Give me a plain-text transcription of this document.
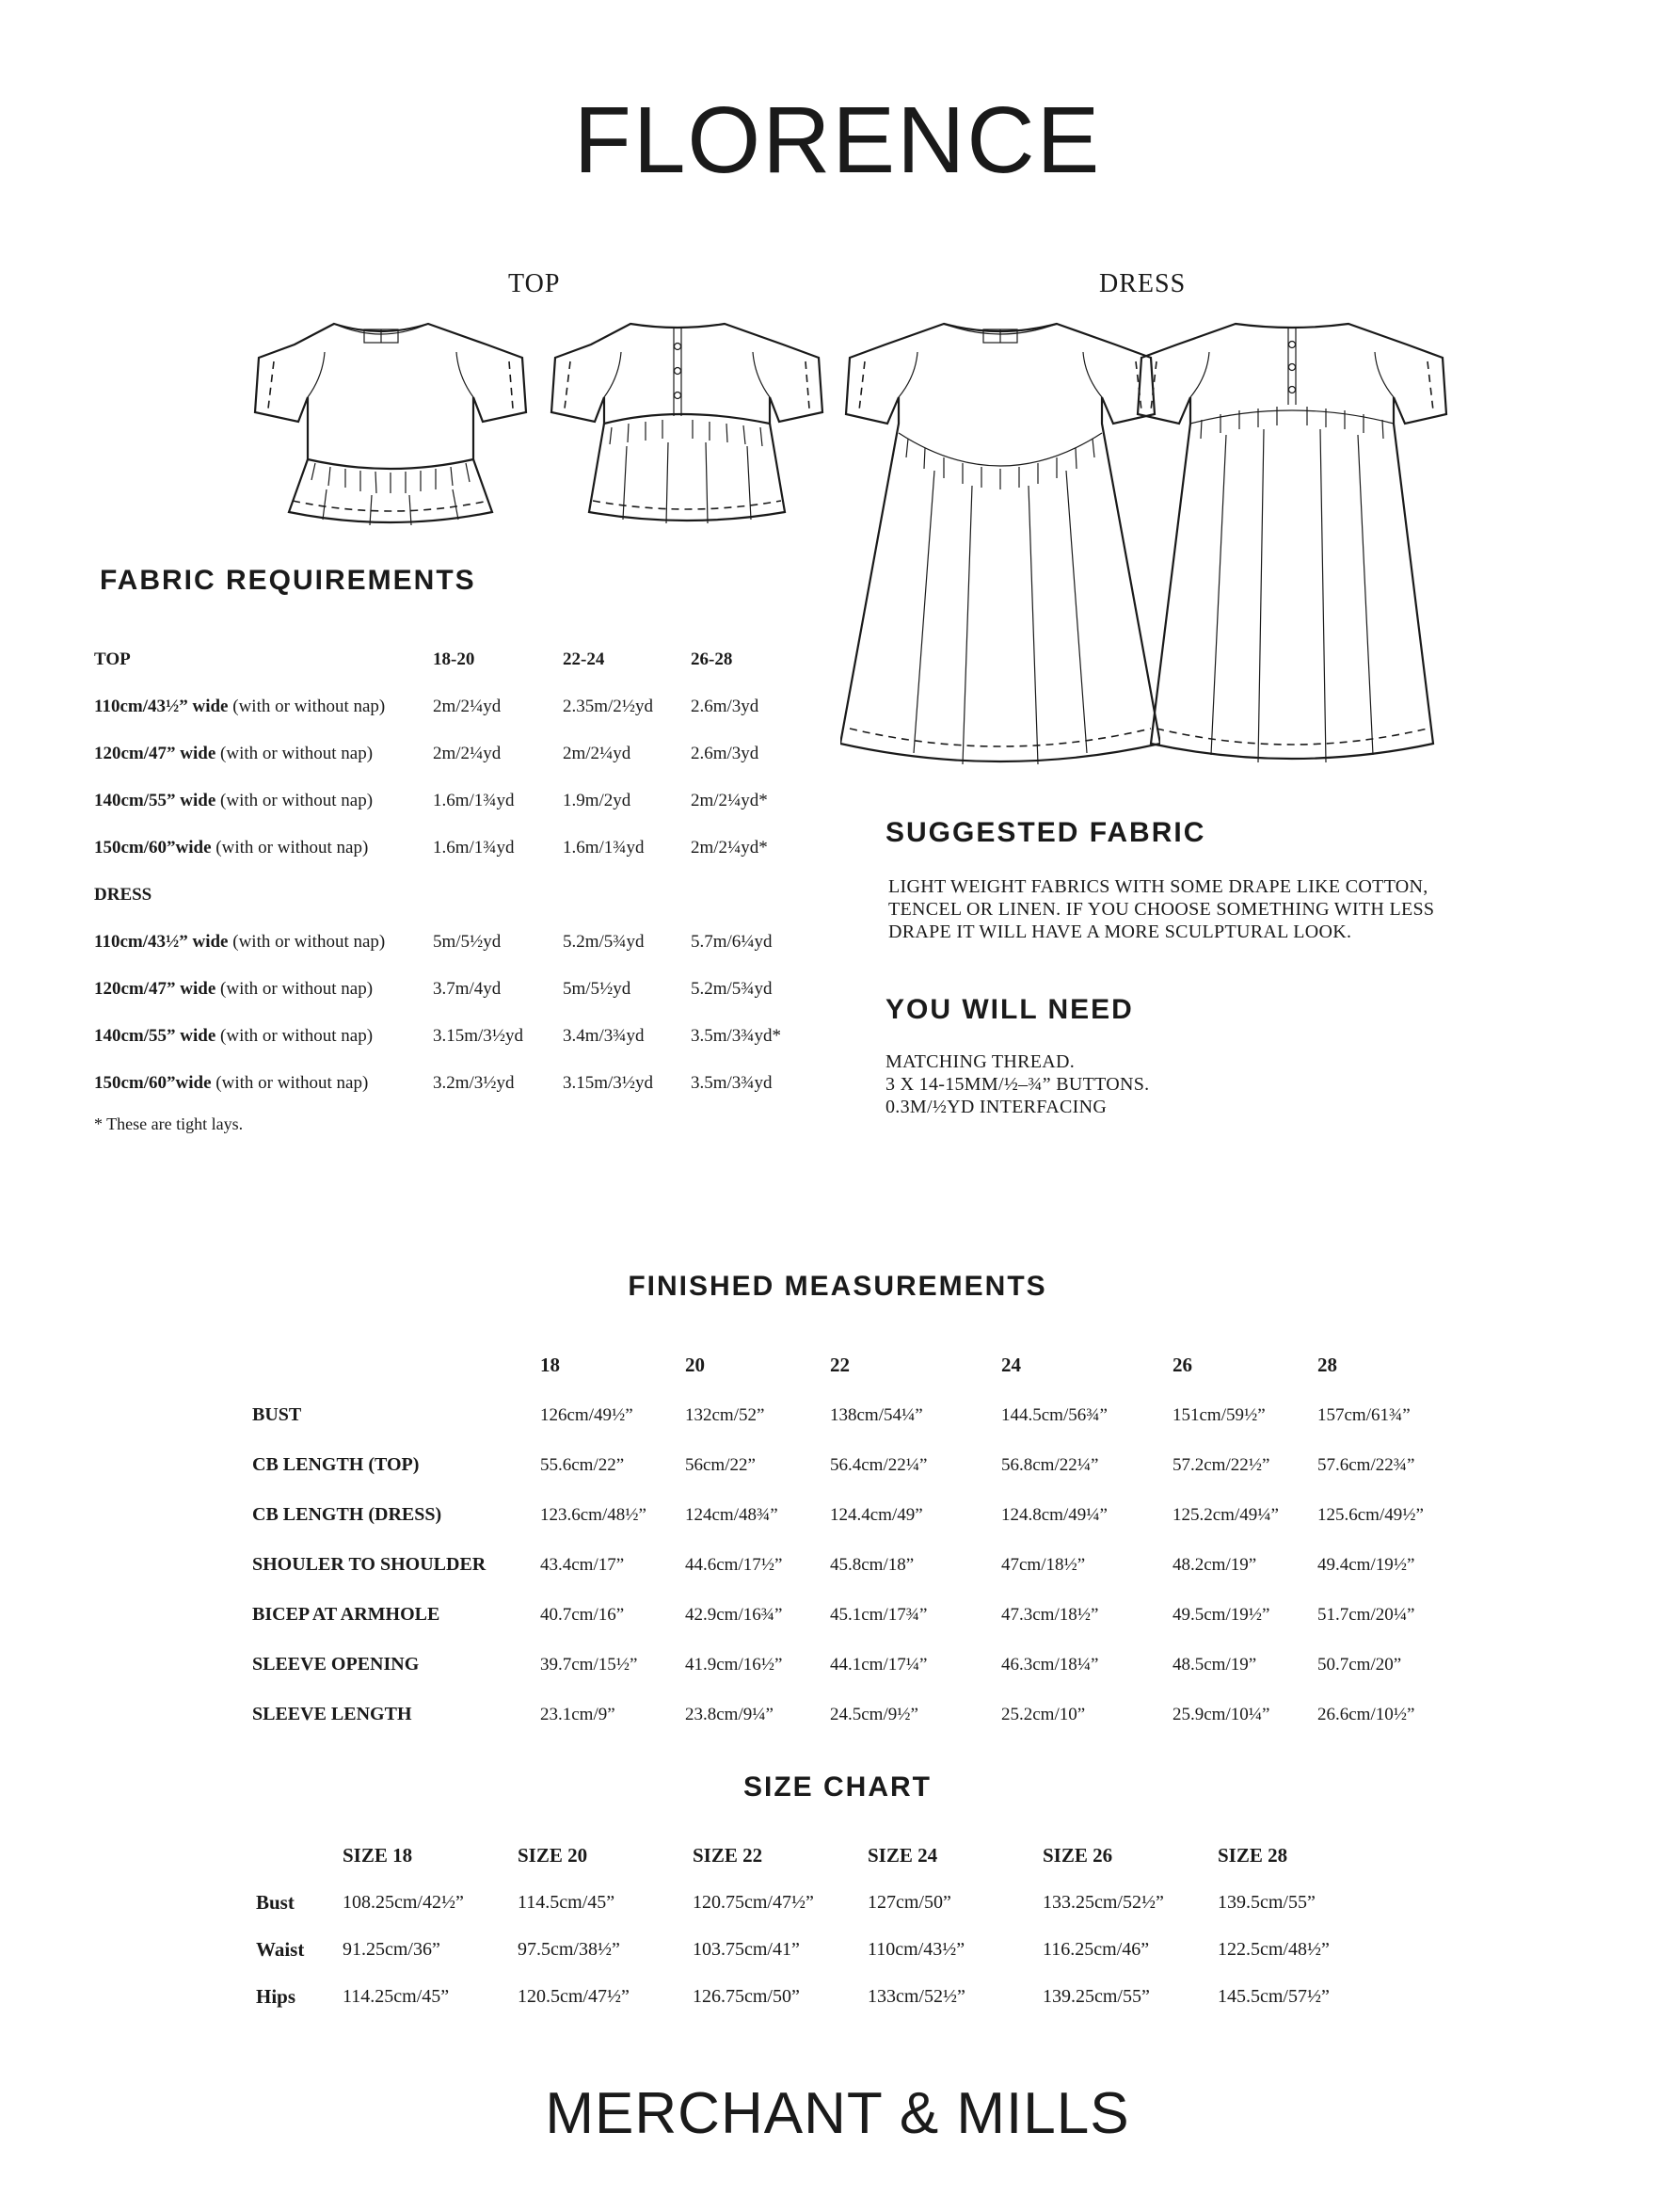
FLORENCE
TOP	DRESS
FABRIC REQUIREMENTS
TOP	18-20	22-24	26-28
110cm/43½” wide (with or without nap)	2m/2¼yd	2.35m/2½yd	2.6m/3yd
120cm/47” wide (with or without nap)	2m/2¼yd	2m/2¼yd	2.6m/3yd
140cm/55” wide (with or without nap)	1.6m/1¾yd	1.9m/2yd	2m/2¼yd*
150cm/60”wide (with or without nap)	1.6m/1¾yd	1.6m/1¾yd	2m/2¼yd*
DRESS			
110cm/43½” wide (with or without nap)	5m/5½yd	5.2m/5¾yd	5.7m/6¼yd
120cm/47” wide (with or without nap)	3.7m/4yd	5m/5½yd	5.2m/5¾yd
140cm/55” wide (with or without nap)	3.15m/3½yd	3.4m/3¾yd	3.5m/3¾yd*
150cm/60”wide (with or without nap)	3.2m/3½yd	3.15m/3½yd	3.5m/3¾yd
* These are tight lays.
SUGGESTED FABRIC
LIGHT WEIGHT FABRICS WITH SOME DRAPE LIKE COTTON,
TENCEL OR LINEN. IF YOU CHOOSE SOMETHING WITH LESS
DRAPE IT WILL HAVE A MORE SCULPTURAL LOOK.
YOU WILL NEED
MATCHING THREAD.
3 X 14-15MM/½–¾” BUTTONS.
0.3M/½YD INTERFACING
FINISHED MEASUREMENTS
	18	20	22	24	26	28
BUST	126cm/49½”	132cm/52”	138cm/54¼”	144.5cm/56¾”	151cm/59½”	157cm/61¾”
CB LENGTH (TOP)	55.6cm/22”	56cm/22”	56.4cm/22¼”	56.8cm/22¼”	57.2cm/22½”	57.6cm/22¾”
CB LENGTH (DRESS)	123.6cm/48½”	124cm/48¾”	124.4cm/49”	124.8cm/49¼”	125.2cm/49¼”	125.6cm/49½”
SHOULER TO SHOULDER	43.4cm/17”	44.6cm/17½”	45.8cm/18”	47cm/18½”	48.2cm/19”	49.4cm/19½”
BICEP AT ARMHOLE	40.7cm/16”	42.9cm/16¾”	45.1cm/17¾”	47.3cm/18½”	49.5cm/19½”	51.7cm/20¼”
SLEEVE OPENING	39.7cm/15½”	41.9cm/16½”	44.1cm/17¼”	46.3cm/18¼”	48.5cm/19”	50.7cm/20”
SLEEVE LENGTH	23.1cm/9”	23.8cm/9¼”	24.5cm/9½”	25.2cm/10”	25.9cm/10¼”	26.6cm/10½”
SIZE CHART
	SIZE 18	SIZE 20	SIZE 22	SIZE 24	SIZE 26	SIZE 28
Bust	108.25cm/42½”	114.5cm/45”	120.75cm/47½”	127cm/50”	133.25cm/52½”	139.5cm/55”
Waist	91.25cm/36”	97.5cm/38½”	103.75cm/41”	110cm/43½”	116.25cm/46”	122.5cm/48½”
Hips	114.25cm/45”	120.5cm/47½”	126.75cm/50”	133cm/52½”	139.25cm/55”	145.5cm/57½”
MERCHANT & MILLS
